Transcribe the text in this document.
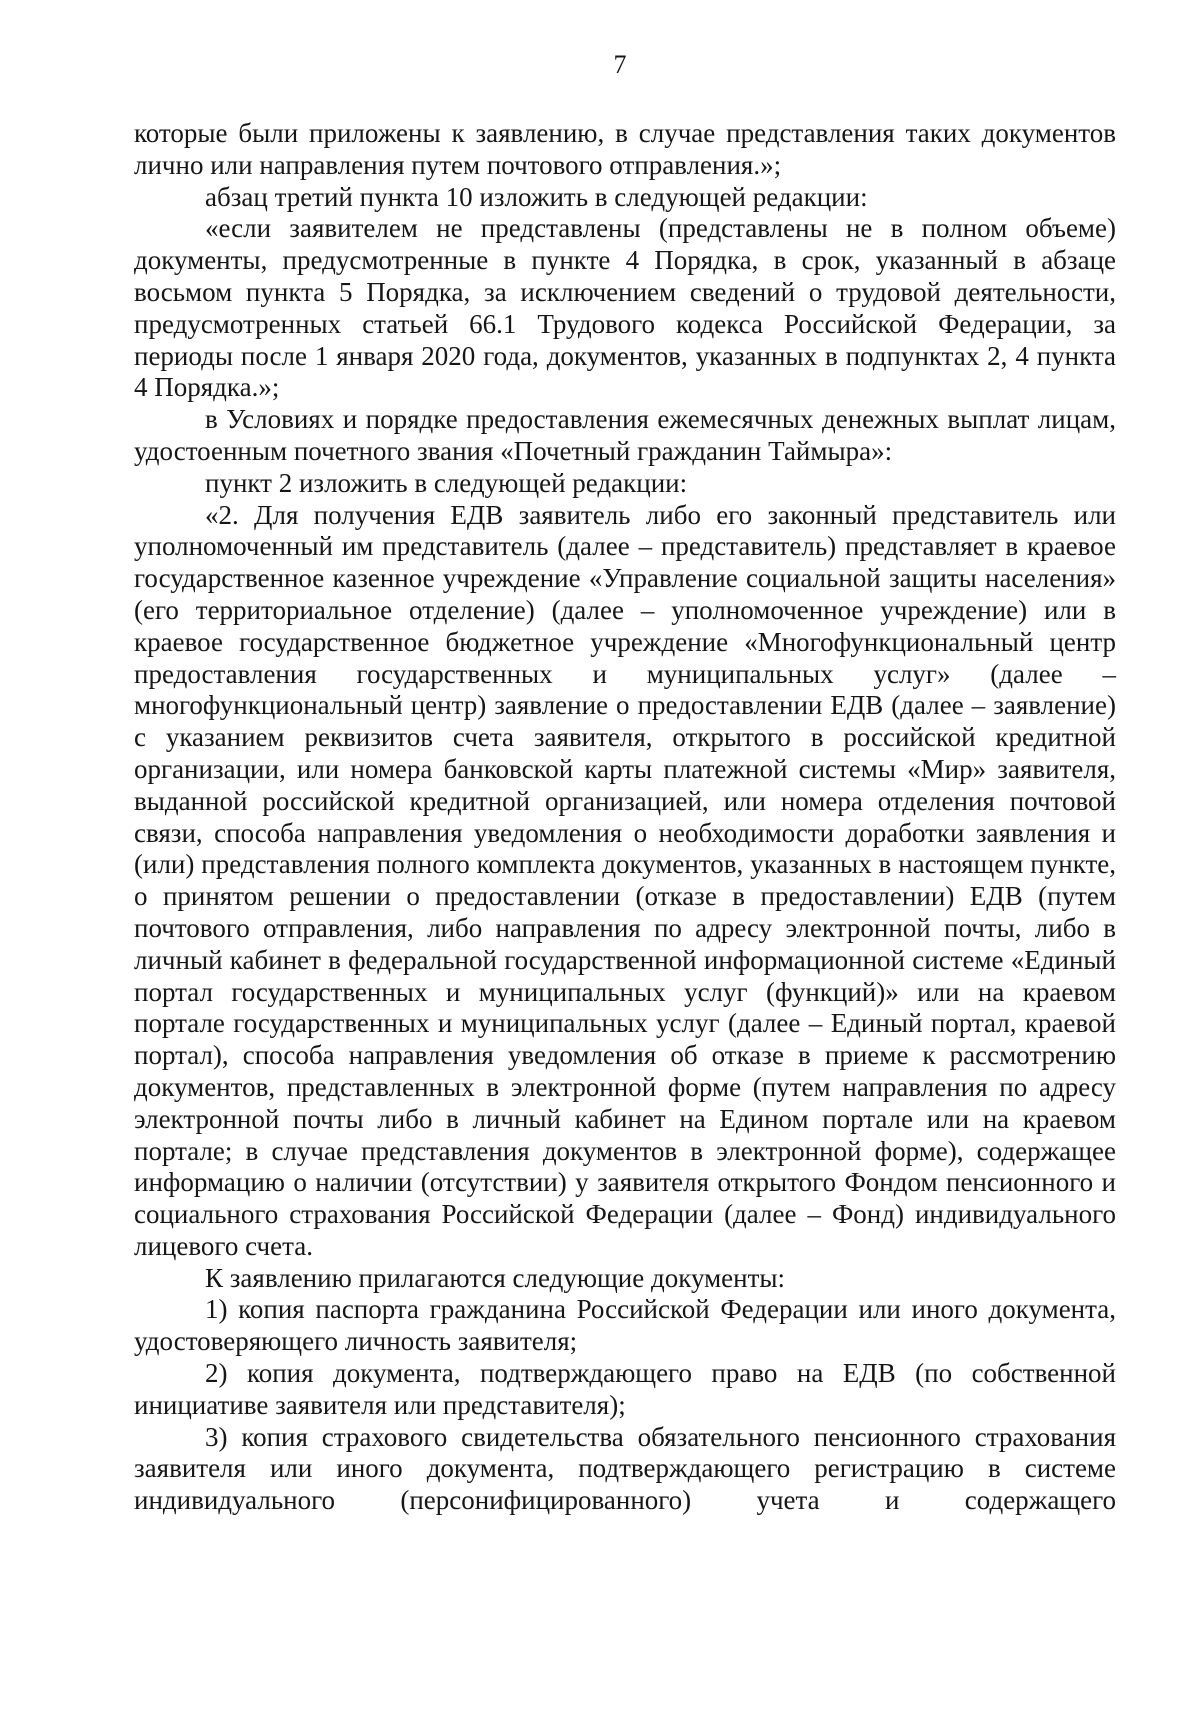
7

которые были приложены к заявлению, в случае представления таких документов лично или направления путем почтового отправления.»;

абзац третий пункта 10 изложить в следующей редакции:

«если заявителем не представлены (представлены не в полном объеме) документы, предусмотренные в пункте 4 Порядка, в срок, указанный в абзаце восьмом пункта 5 Порядка, за исключением сведений о трудовой деятельности, предусмотренных статьей 66.1 Трудового кодекса Российской Федерации, за периоды после 1 января 2020 года, документов, указанных в подпунктах 2, 4 пункта 4 Порядка.»;

в Условиях и порядке предоставления ежемесячных денежных выплат лицам, удостоенным почетного звания «Почетный гражданин Таймыра»:

пункт 2 изложить в следующей редакции:

«2. Для получения ЕДВ заявитель либо его законный представитель или уполномоченный им представитель (далее – представитель) представляет в краевое государственное казенное учреждение «Управление социальной защиты населения» (его территориальное отделение) (далее – уполномоченное учреждение) или в краевое государственное бюджетное учреждение «Многофункциональный центр предоставления государственных и муниципальных услуг» (далее – многофункциональный центр) заявление о предоставлении ЕДВ (далее – заявление) с указанием реквизитов счета заявителя, открытого в российской кредитной организации, или номера банковской карты платежной системы «Мир» заявителя, выданной российской кредитной организацией, или номера отделения почтовой связи, способа направления уведомления о необходимости доработки заявления и (или) представления полного комплекта документов, указанных в настоящем пункте, о принятом решении о предоставлении (отказе в предоставлении) ЕДВ (путем почтового отправления, либо направления по адресу электронной почты, либо в личный кабинет в федеральной государственной информационной системе «Единый портал государственных и муниципальных услуг (функций)» или на краевом портале государственных и муниципальных услуг (далее – Единый портал, краевой портал), способа направления уведомления об отказе в приеме к рассмотрению документов, представленных в электронной форме (путем направления по адресу электронной почты либо в личный кабинет на Едином портале или на краевом портале; в случае представления документов в электронной форме), содержащее информацию о наличии (отсутствии) у заявителя открытого Фондом пенсионного и социального страхования Российской Федерации (далее – Фонд) индивидуального лицевого счета.

К заявлению прилагаются следующие документы:

1) копия паспорта гражданина Российской Федерации или иного документа, удостоверяющего личность заявителя;

2) копия документа, подтверждающего право на ЕДВ (по собственной инициативе заявителя или представителя);

3) копия страхового свидетельства обязательного пенсионного страхования заявителя или иного документа, подтверждающего регистрацию в системе индивидуального (персонифицированного) учета и содержащего
